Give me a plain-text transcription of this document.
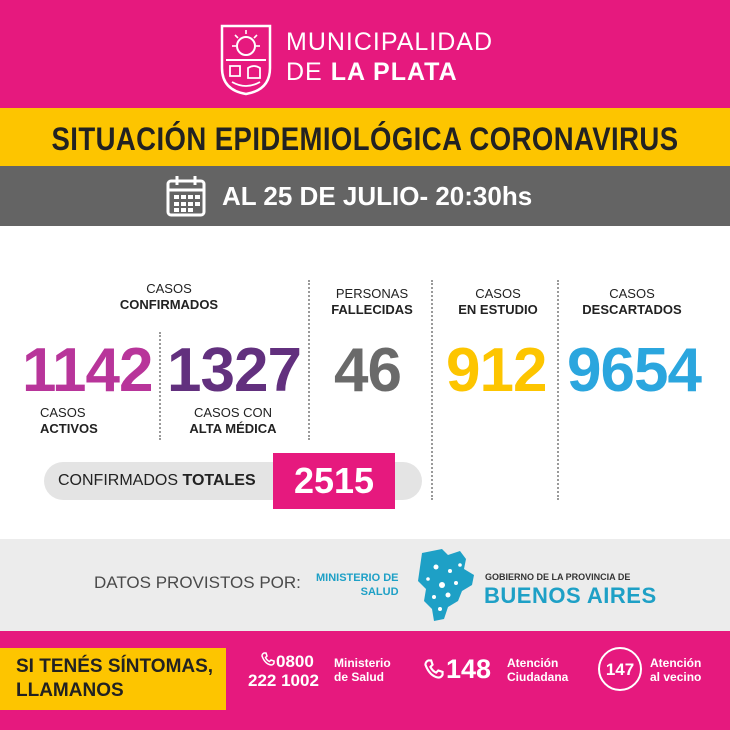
MUNICIPALIDAD
DE LA PLATA
SITUACIÓN EPIDEMIOLÓGICA CORONAVIRUS
AL 25 DE JULIO- 20:30hs
CASOS
CONFIRMADOS
1142
CASOS
ACTIVOS
1327
CASOS CON
ALTA MÉDICA
PERSONAS
FALLECIDAS
46
CASOS
EN ESTUDIO
912
CASOS
DESCARTADOS
9654
CONFIRMADOS TOTALES	2515
DATOS PROVISTOS POR: MINISTERIO DE
SALUD
GOBIERNO DE LA PROVINCIA DE
BUENOS AIRES
SI TENÉS SÍNTOMAS,
LLAMANOS
0800
222 1002
Ministerio
de Salud 148 Atención
Ciudadana	147	Atención
al vecino
